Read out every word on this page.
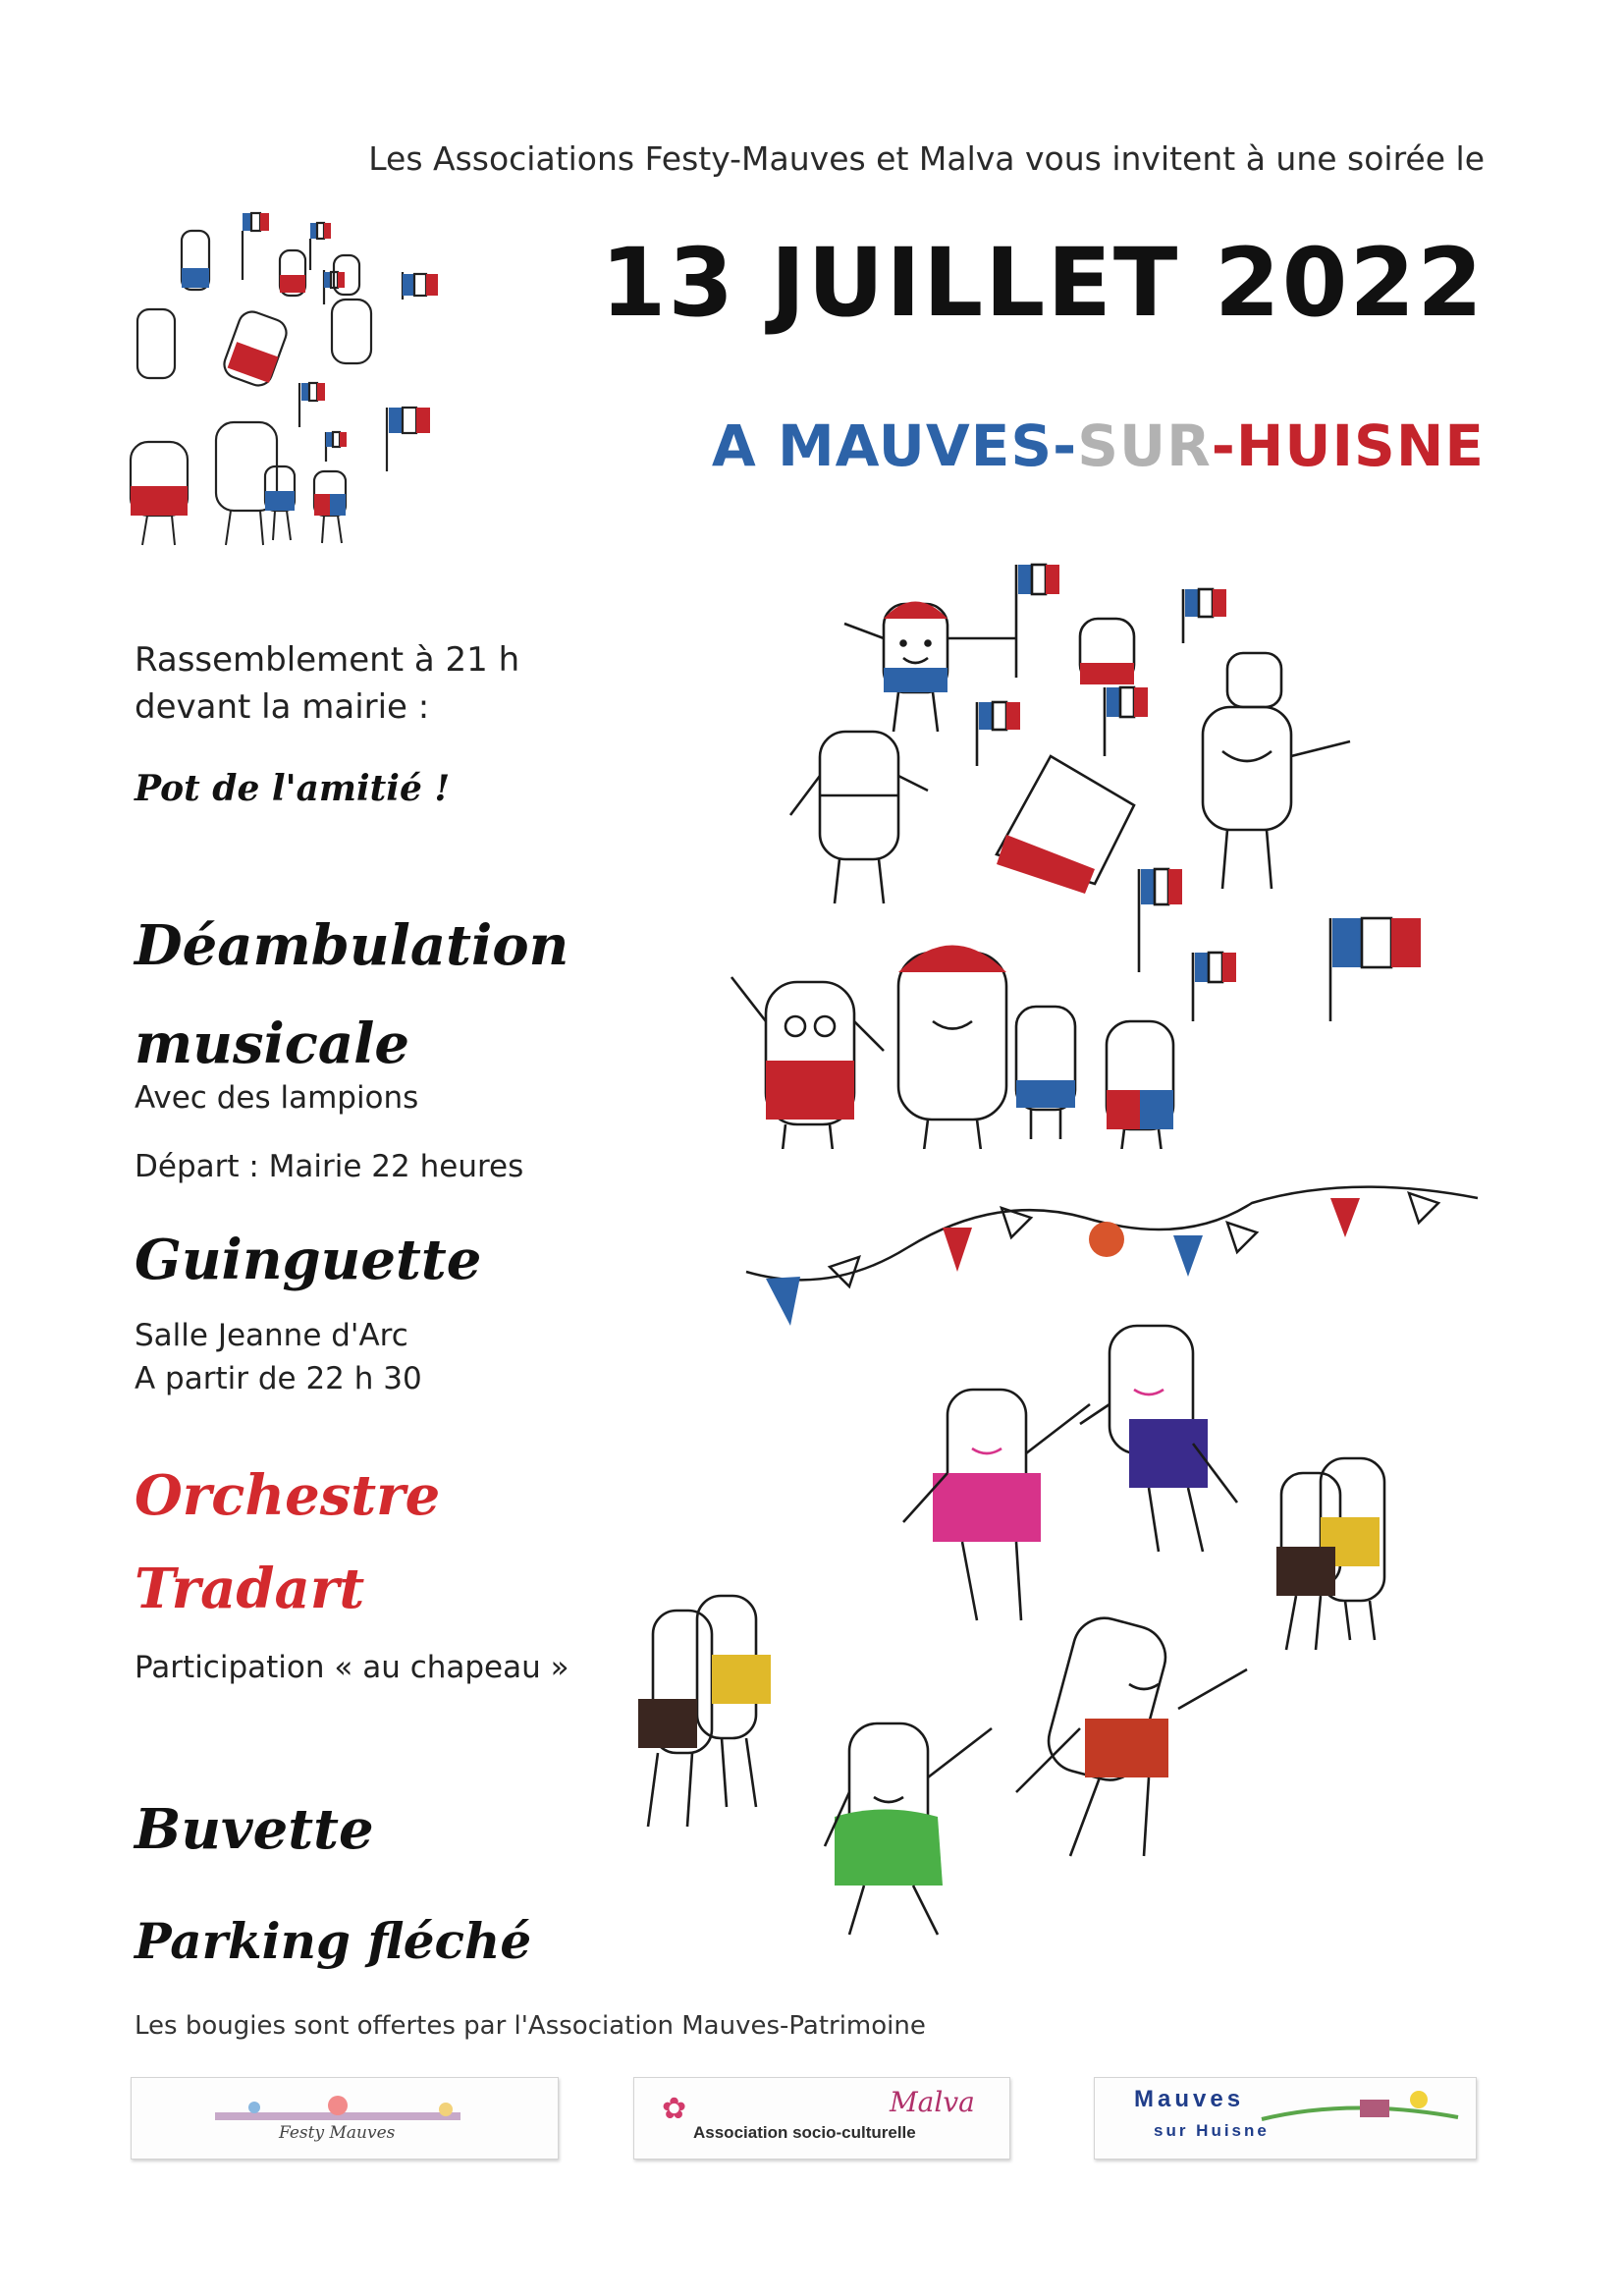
Les Associations Festy-Mauves et Malva vous invitent à une soirée le
13 JUILLET 2022
A MAUVES-SUR-HUISNE
Rassemblement à 21 h
devant la mairie :
Pot de l'amitié !
Déambulation
musicale
Avec des lampions
Départ : Mairie 22 heures
Guinguette
Salle Jeanne d'Arc
A partir de 22 h 30
Orchestre
Tradart
Participation « au chapeau »
Buvette
Parking fléché
Les bougies sont offertes par l'Association Mauves-Patrimoine
Festy Mauves
✿	Malva
Association socio-culturelle
Mauves
sur Huisne
